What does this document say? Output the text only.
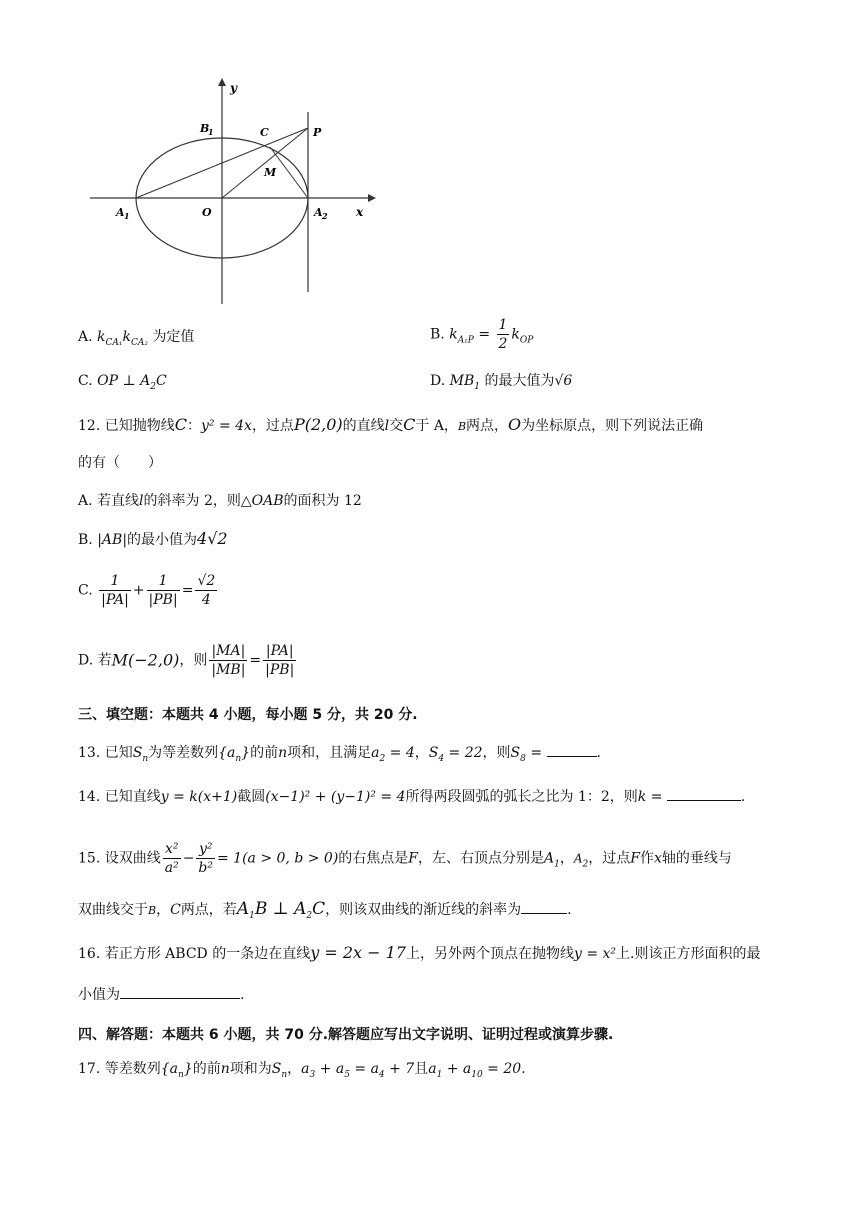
y
x
B
1	C	P
M
A 1	O	A 2
A. $k_{CA_1}k_{CA_2}$ 为定值	B. $k_{A_1P} = \frac{1}{2} k_{OP}$
C. OP ⊥ $A_2C$	D. $MB_1$ 的最大值为√6
12. 已知抛物线C：y² = 4x，过点P(2,0)的直线l交C于 A，B两点，O为坐标原点，则下列说法正确
的有（　　）
A. 若直线l的斜率为 2，则△OAB的面积为 12
B. |AB|的最小值为4√2
C. $\frac{1}{|PA|} + \frac{1}{|PB|} = \frac{√2}{4}$
D. 若M(−2,0)，则 $\frac{|MA|}{|MB|} = \frac{|PA|}{|PB|}$
三、填空题：本题共 4 小题，每小题 5 分，共 20 分.
13. 已知$S_n$为等差数列$\{a_n\}$的前n项和，且满足$a_2 = 4$，$S_4 = 22$，则$S_8$ =	.
14. 已知直线y = k(x+1)截圆(x−1)² + (y−1)² = 4所得两段圆弧的弧长之比为 1：2，则k =	.
15. 设双曲线 $\frac{\text{x²}}{\text{a²}} - \frac{\text{y²}}{\text{b²}} = 1(a > 0$, b > 0)的右焦点是F，左、右顶点分别是$A_1$，$A_2$，过点F作x轴的垂线与
双曲线交于B，C两点，若$A_1B$ ⊥ $A_2C$，则该双曲线的渐近线的斜率为	.
16. 若正方形 ABCD 的一条边在直线y = 2x − 17上，另外两个顶点在抛物线y = x²上.则该正方形面积的最
小值为	.
四、解答题：本题共 6 小题，共 70 分.解答题应写出文字说明、证明过程或演算步骤.
17. 等差数列$\{a_n\}$的前n项和为$S_n$，$a_3 + a_5 = a_4 + 7$且$a_1 + a_{10} = 20$.
